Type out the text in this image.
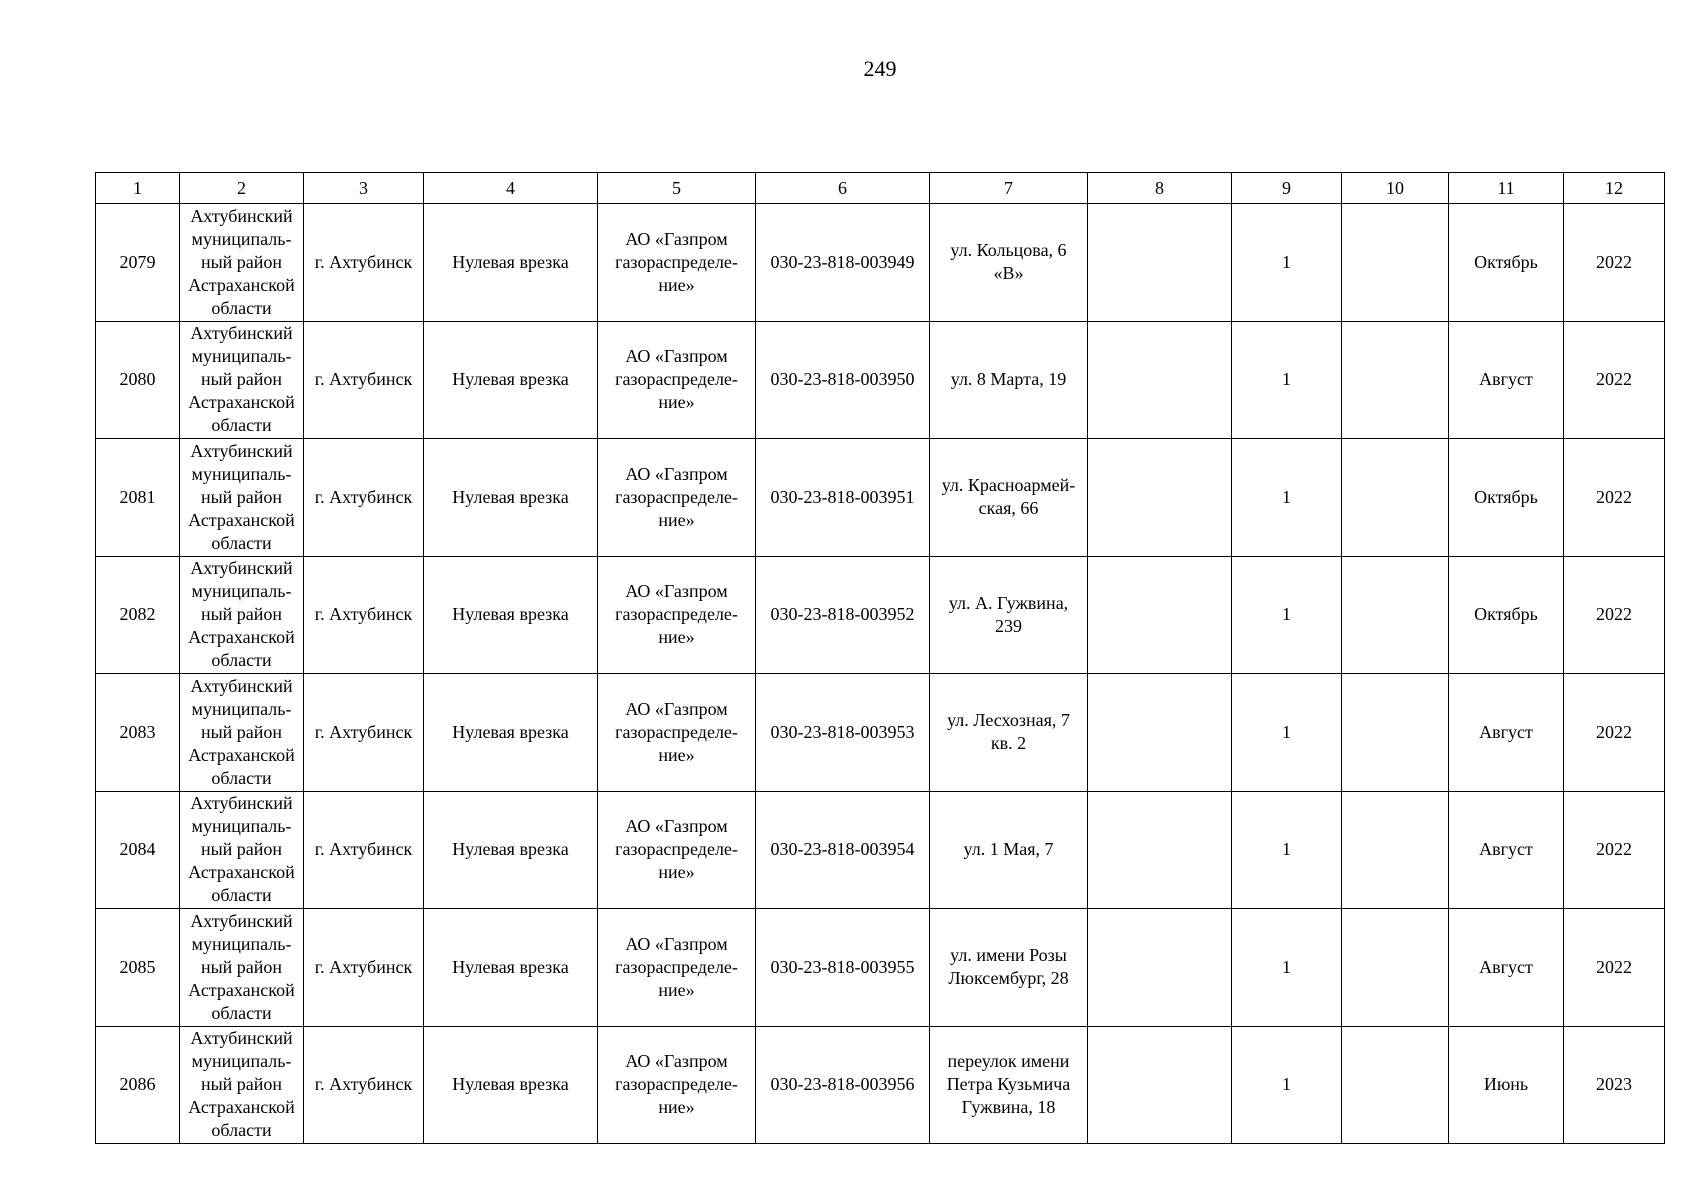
249
1	2	3	4	5	6	7	8	9	10	11	12
2079	Ахтубинский
муниципаль-
ный район
Астраханской
области	г. Ахтубинск	Нулевая врезка	АО «Газпром
газораспределе-
ние»	030-23-818-003949	ул. Кольцова, 6
«В»		1		Октябрь	2022
2080	Ахтубинский
муниципаль-
ный район
Астраханской
области	г. Ахтубинск	Нулевая врезка	АО «Газпром
газораспределе-
ние»	030-23-818-003950	ул. 8 Марта, 19		1		Август	2022
2081	Ахтубинский
муниципаль-
ный район
Астраханской
области	г. Ахтубинск	Нулевая врезка	АО «Газпром
газораспределе-
ние»	030-23-818-003951	ул. Красноармей-
ская, 66		1		Октябрь	2022
2082	Ахтубинский
муниципаль-
ный район
Астраханской
области	г. Ахтубинск	Нулевая врезка	АО «Газпром
газораспределе-
ние»	030-23-818-003952	ул. А. Гужвина,
239		1		Октябрь	2022
2083	Ахтубинский
муниципаль-
ный район
Астраханской
области	г. Ахтубинск	Нулевая врезка	АО «Газпром
газораспределе-
ние»	030-23-818-003953	ул. Лесхозная, 7
кв. 2		1		Август	2022
2084	Ахтубинский
муниципаль-
ный район
Астраханской
области	г. Ахтубинск	Нулевая врезка	АО «Газпром
газораспределе-
ние»	030-23-818-003954	ул. 1 Мая, 7		1		Август	2022
2085	Ахтубинский
муниципаль-
ный район
Астраханской
области	г. Ахтубинск	Нулевая врезка	АО «Газпром
газораспределе-
ние»	030-23-818-003955	ул. имени Розы
Люксембург, 28		1		Август	2022
2086	Ахтубинский
муниципаль-
ный район
Астраханской
области	г. Ахтубинск	Нулевая врезка	АО «Газпром
газораспределе-
ние»	030-23-818-003956	переулок имени
Петра Кузьмича
Гужвина, 18		1		Июнь	2023
